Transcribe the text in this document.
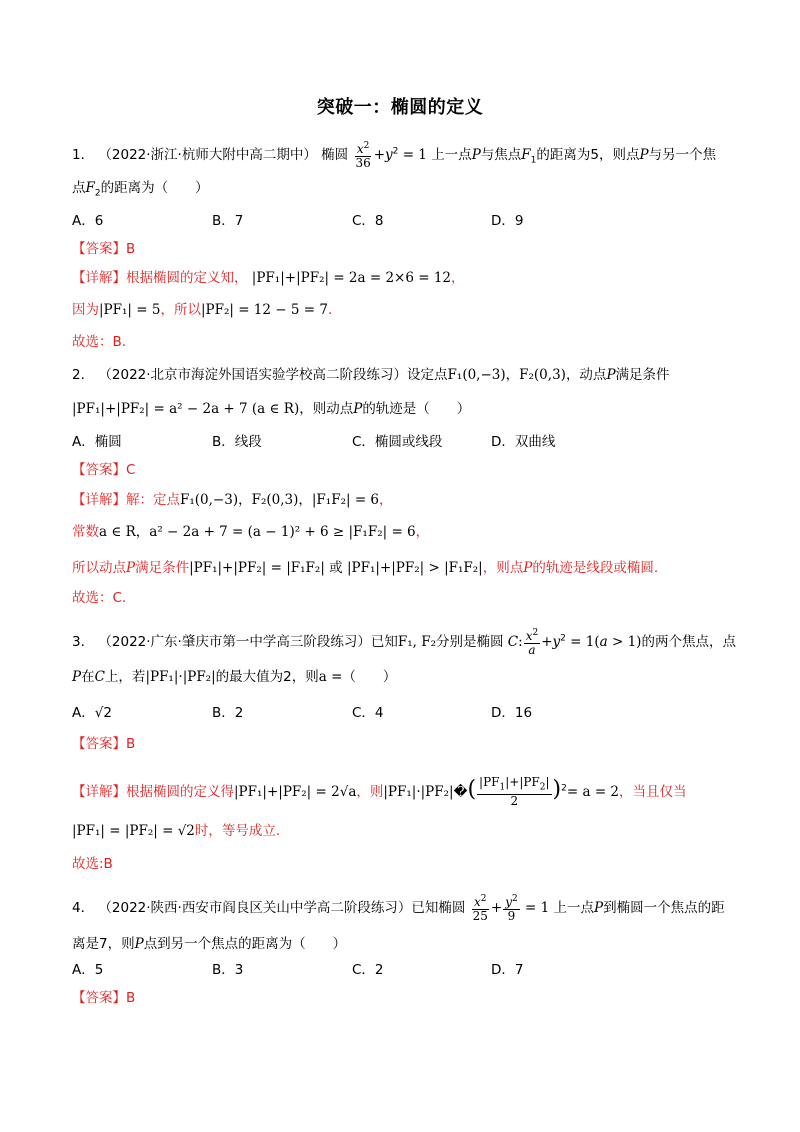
突破一：椭圆的定义
1． （2022·浙江·杭师大附中高二期中） 椭圆 $\frac{x^2}{36} +y^2 = 1$ 上一点P与焦点$F_1$的距离为5，则点P与另一个焦
点$F_2$的距离为（　　）
A．6	B．7	C．8	D．9
【答案】B
【详解】根据椭圆的定义知， |PF₁|+|PF₂| = 2a = 2×6 = 12，
因为|PF₁| = 5，所以|PF₂| = 12 − 5 = 7.
故选：B.
2． （2022·北京市海淀外国语实验学校高二阶段练习）设定点F₁(0,−3)，F₂(0,3)，动点P满足条件
|PF₁|+|PF₂| = a² − 2a + 7 (a ∈ R)，则动点P的轨迹是（　　）
A．椭圆	B．线段	C．椭圆或线段	D．双曲线
【答案】C
【详解】解：定点F₁(0,−3)，F₂(0,3)，|F₁F₂| = 6，
常数a ∈ R，a² − 2a + 7 = (a − 1)² + 6 ≥ |F₁F₂| = 6，
所以动点P满足条件|PF₁|+|PF₂| = |F₁F₂| 或 |PF₁|+|PF₂| > |F₁F₂|，则点P的轨迹是线段或椭圆.
故选：C.
3． （2022·广东·肇庆市第一中学高三阶段练习）已知F₁, F₂分别是椭圆 C: $\frac{x^2}{a} +y^2 = 1(a > 1)$的两个焦点，点
P在C上，若|PF₁|·|PF₂|的最大值为2，则a =（　　）
A．√2	B．2	C．4	D．16
【答案】B
【详解】根据椭圆的定义得|PF₁|+|PF₂| = 2√a，则|PF₁|·|PF₂|�( $\frac{|PF_1|+|PF_2|}{2} )^2= a = 2$，当且仅当
|PF₁| = |PF₂| = √2时，等号成立.
故选:B
4． （2022·陕西·西安市阎良区关山中学高二阶段练习）已知椭圆 $\frac{x^2}{25} + \frac{y^2}{9} = 1$ 上一点P到椭圆一个焦点的距
离是7，则P点到另一个焦点的距离为（　　）
A．5	B．3	C．2	D．7
【答案】B
